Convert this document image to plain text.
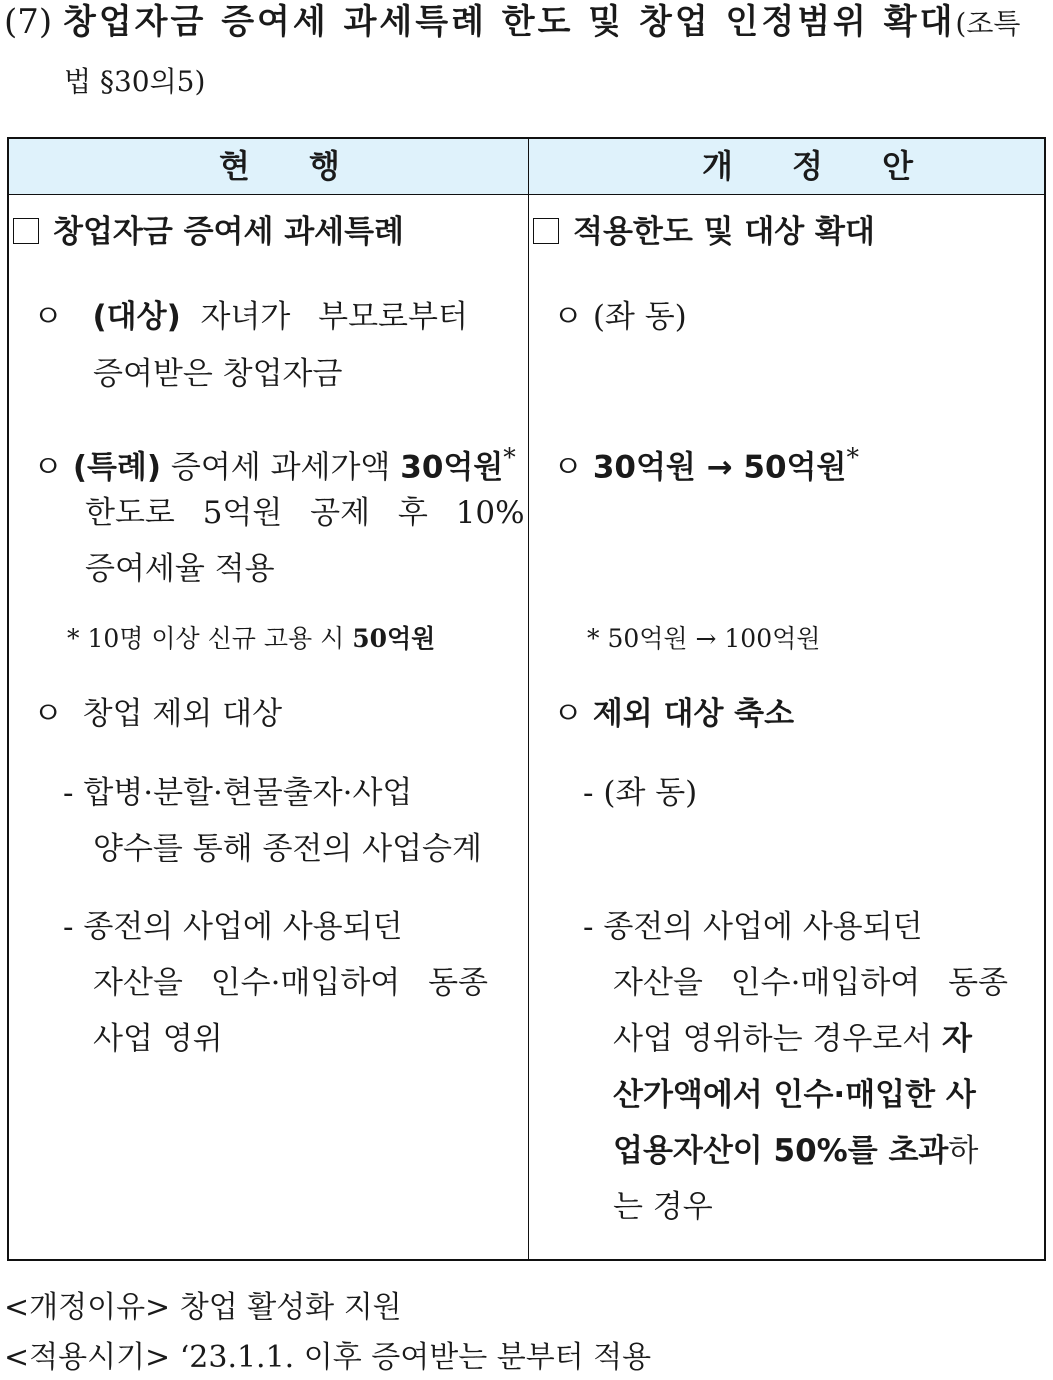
(7) 창업자금 증여세 과세특례 한도 및 창업 인정범위 확대(조특
법 §30의5)
현 행	개 정 안
창업자금 증여세 과세특례
ㅇ (대상) 자녀가 부모로부터
증여받은 창업자금
ㅇ (특례) 증여세 과세가액 30억원*
한도로 5억원 공제 후 10%
증여세율 적용
* 10명 이상 신규 고용 시 50억원
ㅇ 창업 제외 대상
- 합병·분할·현물출자·사업
양수를 통해 종전의 사업승계
- 종전의 사업에 사용되던
자산을 인수·매입하여 동종
사업 영위
적용한도 및 대상 확대
ㅇ (좌 동)
ㅇ 30억원 → 50억원*
* 50억원 → 100억원
ㅇ 제외 대상 축소
- (좌 동)
- 종전의 사업에 사용되던
자산을 인수·매입하여 동종
사업 영위하는 경우로서 자
산가액에서 인수·매입한 사
업용자산이 50%를 초과하
는 경우
<개정이유> 창업 활성화 지원
<적용시기> ‘23.1.1. 이후 증여받는 분부터 적용
